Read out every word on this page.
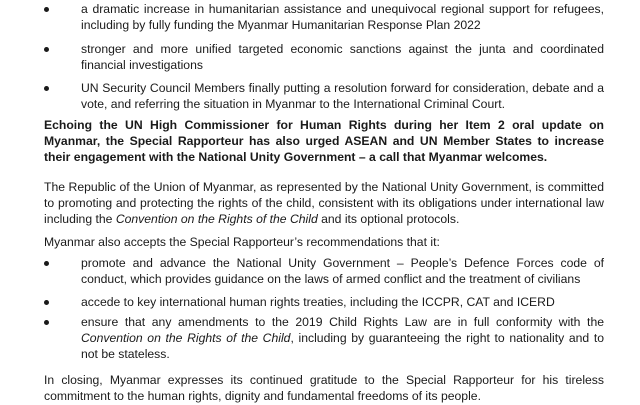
a dramatic increase in humanitarian assistance and unequivocal regional support for refugees, including by fully funding the Myanmar Humanitarian Response Plan 2022
stronger and more unified targeted economic sanctions against the junta and coordinated financial investigations
UN Security Council Members finally putting a resolution forward for consideration, debate and a vote, and referring the situation in Myanmar to the International Criminal Court.
Echoing the UN High Commissioner for Human Rights during her Item 2 oral update on Myanmar, the Special Rapporteur has also urged ASEAN and UN Member States to increase their engagement with the National Unity Government – a call that Myanmar welcomes.
The Republic of the Union of Myanmar, as represented by the National Unity Government, is committed to promoting and protecting the rights of the child, consistent with its obligations under international law including the Convention on the Rights of the Child and its optional protocols.
Myanmar also accepts the Special Rapporteur’s recommendations that it:
promote and advance the National Unity Government – People’s Defence Forces code of conduct, which provides guidance on the laws of armed conflict and the treatment of civilians
accede to key international human rights treaties, including the ICCPR, CAT and ICERD
ensure that any amendments to the 2019 Child Rights Law are in full conformity with the Convention on the Rights of the Child, including by guaranteeing the right to nationality and to not be stateless.
In closing, Myanmar expresses its continued gratitude to the Special Rapporteur for his tireless commitment to the human rights, dignity and fundamental freedoms of its people.
